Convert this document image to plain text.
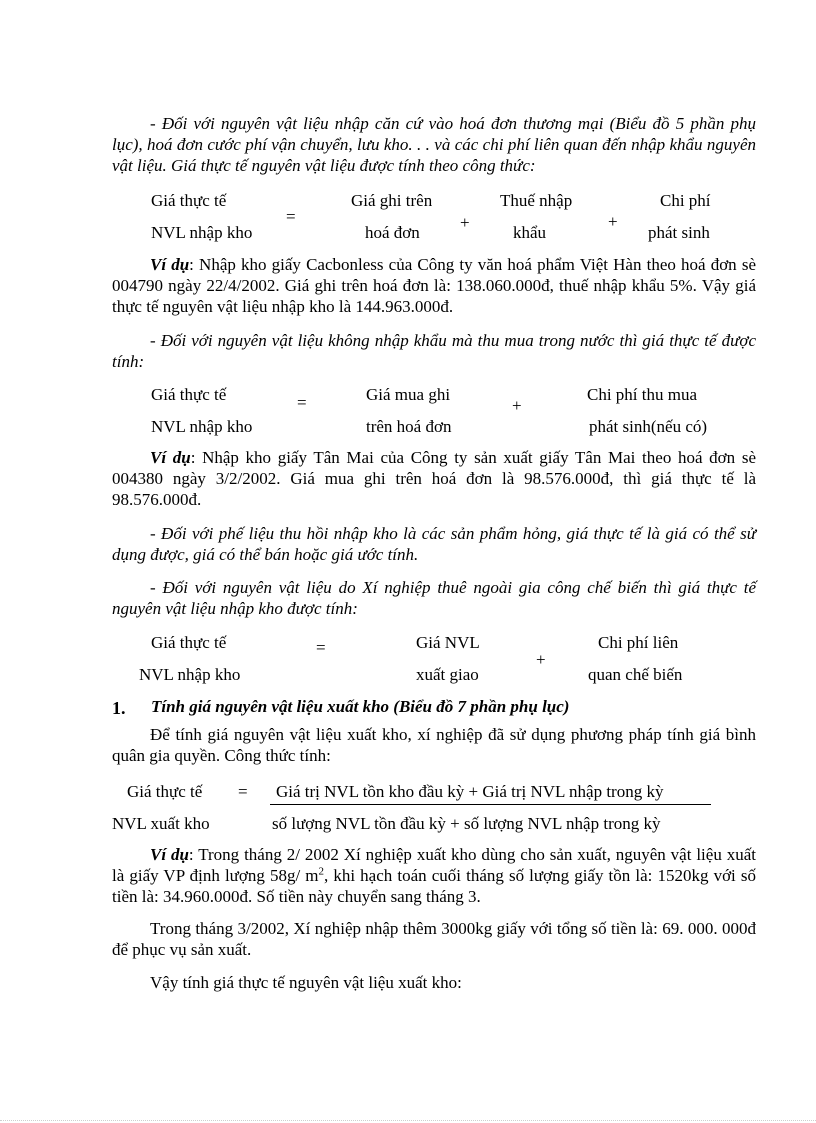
- Đối với nguyên vật liệu nhập căn cứ vào hoá đơn thương mại (Biểu đồ 5 phần phụ lục), hoá đơn cước phí vận chuyển, lưu kho. . . và các chi phí liên quan đến nhập khẩu nguyên vật liệu. Giá thực tế nguyên vật liệu được tính theo công thức:
Giá thực tế
NVL nhập kho
=
Giá ghi trên
hoá đơn
+
Thuế nhập
khẩu
+
Chi phí
phát sinh
Ví dụ: Nhập kho giấy Cacbonless của Công ty văn hoá phẩm Việt Hàn theo hoá đơn sè 004790 ngày 22/4/2002. Giá ghi trên hoá đơn là: 138.060.000đ, thuế nhập khẩu 5%. Vậy giá thực tế nguyên vật liệu nhập kho là 144.963.000đ.
- Đối với nguyên vật liệu không nhập khẩu mà thu mua trong nước thì giá thực tế được tính:
Giá thực tế
NVL nhập kho
=	Giá mua ghi
trên hoá đơn
+
Chi phí thu mua
phát sinh(nếu có)
Ví dụ: Nhập kho giấy Tân Mai của Công ty sản xuất giấy Tân Mai theo hoá đơn sè 004380 ngày 3/2/2002. Giá mua ghi trên hoá đơn là 98.576.000đ, thì giá thực tế là 98.576.000đ.
- Đối với phế liệu thu hồi nhập kho là các sản phẩm hỏng, giá thực tế là giá có thể sử dụng được, giá có thể bán hoặc giá ước tính.
- Đối với nguyên vật liệu do Xí nghiệp thuê ngoài gia công chế biến thì giá thực tế nguyên vật liệu nhập kho được tính:
Giá thực tế
NVL nhập kho
=	Giá NVL
xuất giao
+
Chi phí liên
quan chế biến
1. Tính giá nguyên vật liệu xuất kho (Biểu đồ 7 phần phụ lục)
Để tính giá nguyên vật liệu xuất kho, xí nghiệp đã sử dụng phương pháp tính giá bình quân gia quyền. Công thức tính:
Giá thực tế
NVL xuất kho
= Giá trị NVL tồn kho đầu kỳ + Giá trị NVL nhập trong kỳ
số lượng NVL tồn đầu kỳ + số lượng NVL nhập trong kỳ
Ví dụ: Trong tháng 2/ 2002 Xí nghiệp xuất kho dùng cho sản xuất, nguyên vật liệu xuất là giấy VP định lượng 58g/ $m^2$, khi hạch toán cuối tháng số lượng giấy tồn là: 1520kg với số tiền là: 34.960.000đ. Số tiền này chuyển sang tháng 3.
Trong tháng 3/2002, Xí nghiệp nhập thêm 3000kg giấy với tổng số tiền là: 69. 000. 000đ để phục vụ sản xuất.
Vậy tính giá thực tế nguyên vật liệu xuất kho:
